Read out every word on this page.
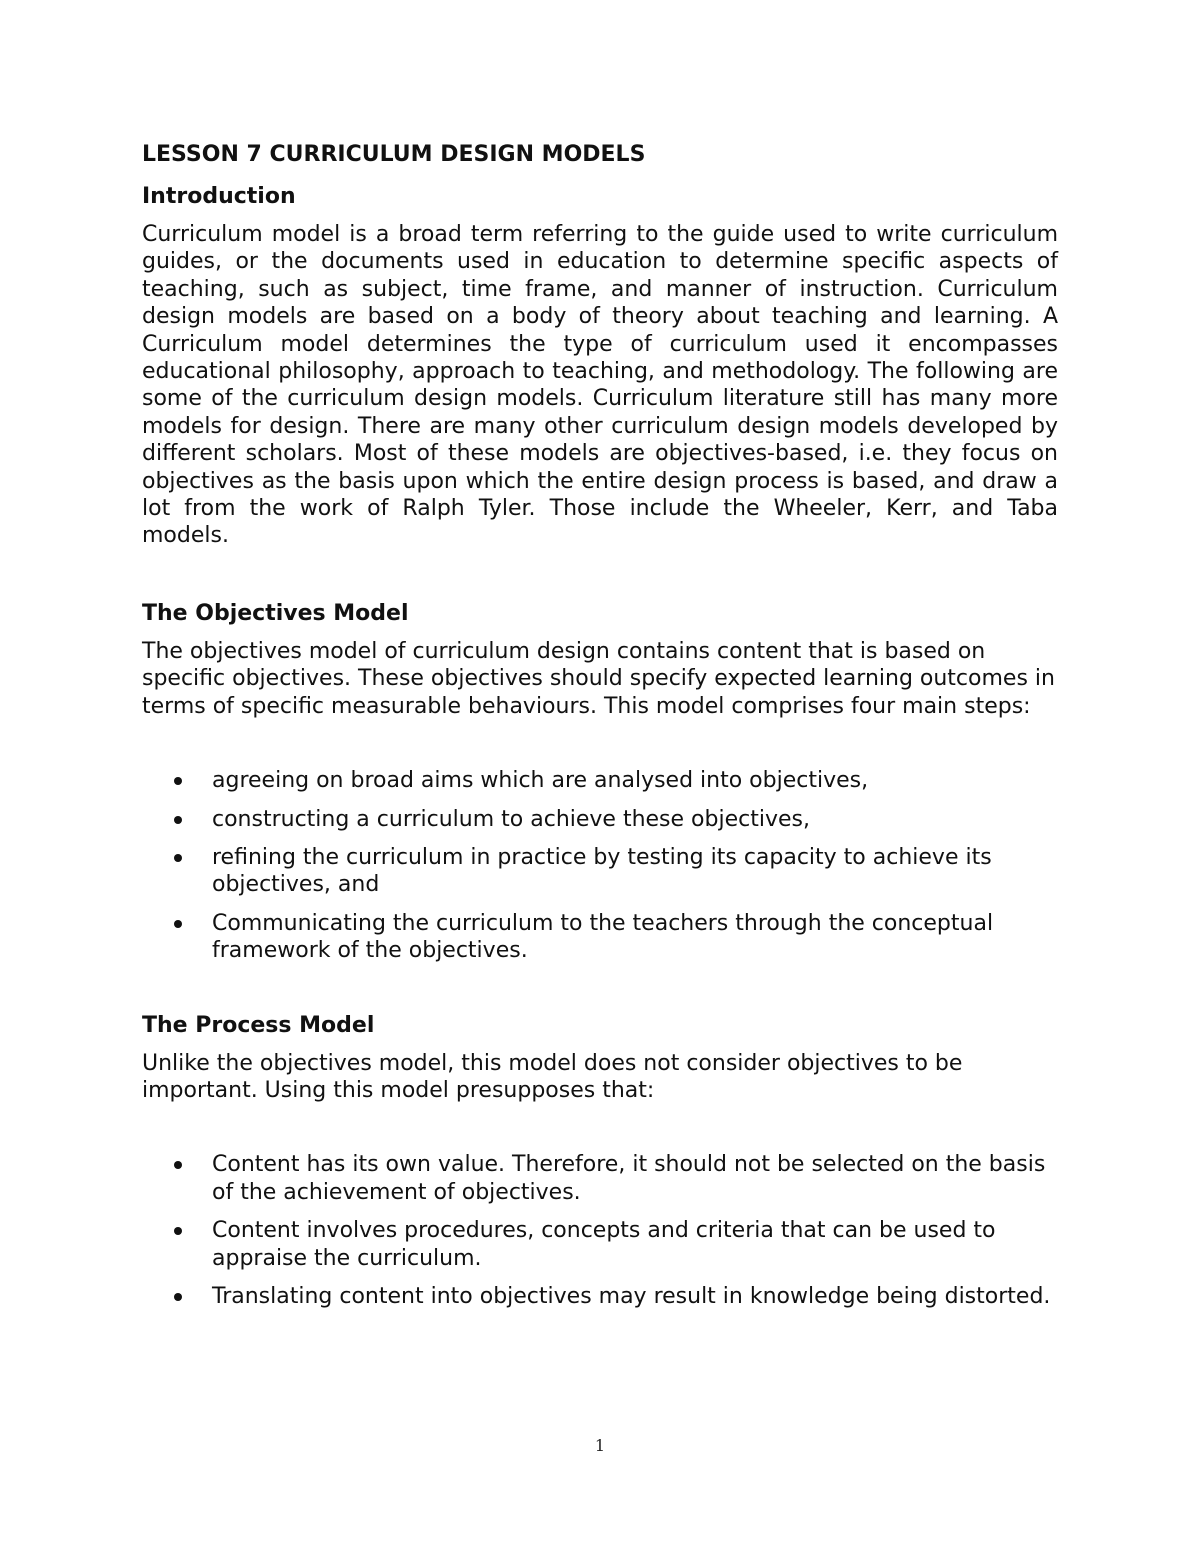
LESSON 7 CURRICULUM DESIGN MODELS
Introduction

Curriculum model is a broad term referring to the guide used to write curriculum guides, or the documents used in education to determine specific aspects of teaching, such as subject, time frame, and manner of instruction. Curriculum design models are based on a body of theory about teaching and learning. A Curriculum model determines the type of curriculum used it encompasses educational philosophy, approach to teaching, and methodology. The following are some of the curriculum design models. Curriculum literature still has many more models for design. There are many other curriculum design models developed by different scholars. Most of these models are objectives-based, i.e. they focus on objectives as the basis upon which the entire design process is based, and draw a lot from the work of Ralph Tyler. Those include the Wheeler, Kerr, and Taba models.

The Objectives Model

The objectives model of curriculum design contains content that is based on specific objectives. These objectives should specify expected learning outcomes in terms of specific measurable behaviours. This model comprises four main steps:

agreeing on broad aims which are analysed into objectives,
constructing a curriculum to achieve these objectives,
refining the curriculum in practice by testing its capacity to achieve its objectives, and
Communicating the curriculum to the teachers through the conceptual framework of the objectives.
The Process Model

Unlike the objectives model, this model does not consider objectives to be important. Using this model presupposes that:

Content has its own value. Therefore, it should not be selected on the basis of the achievement of objectives.
Content involves procedures, concepts and criteria that can be used to appraise the curriculum.
Translating content into objectives may result in knowledge being distorted.
1
